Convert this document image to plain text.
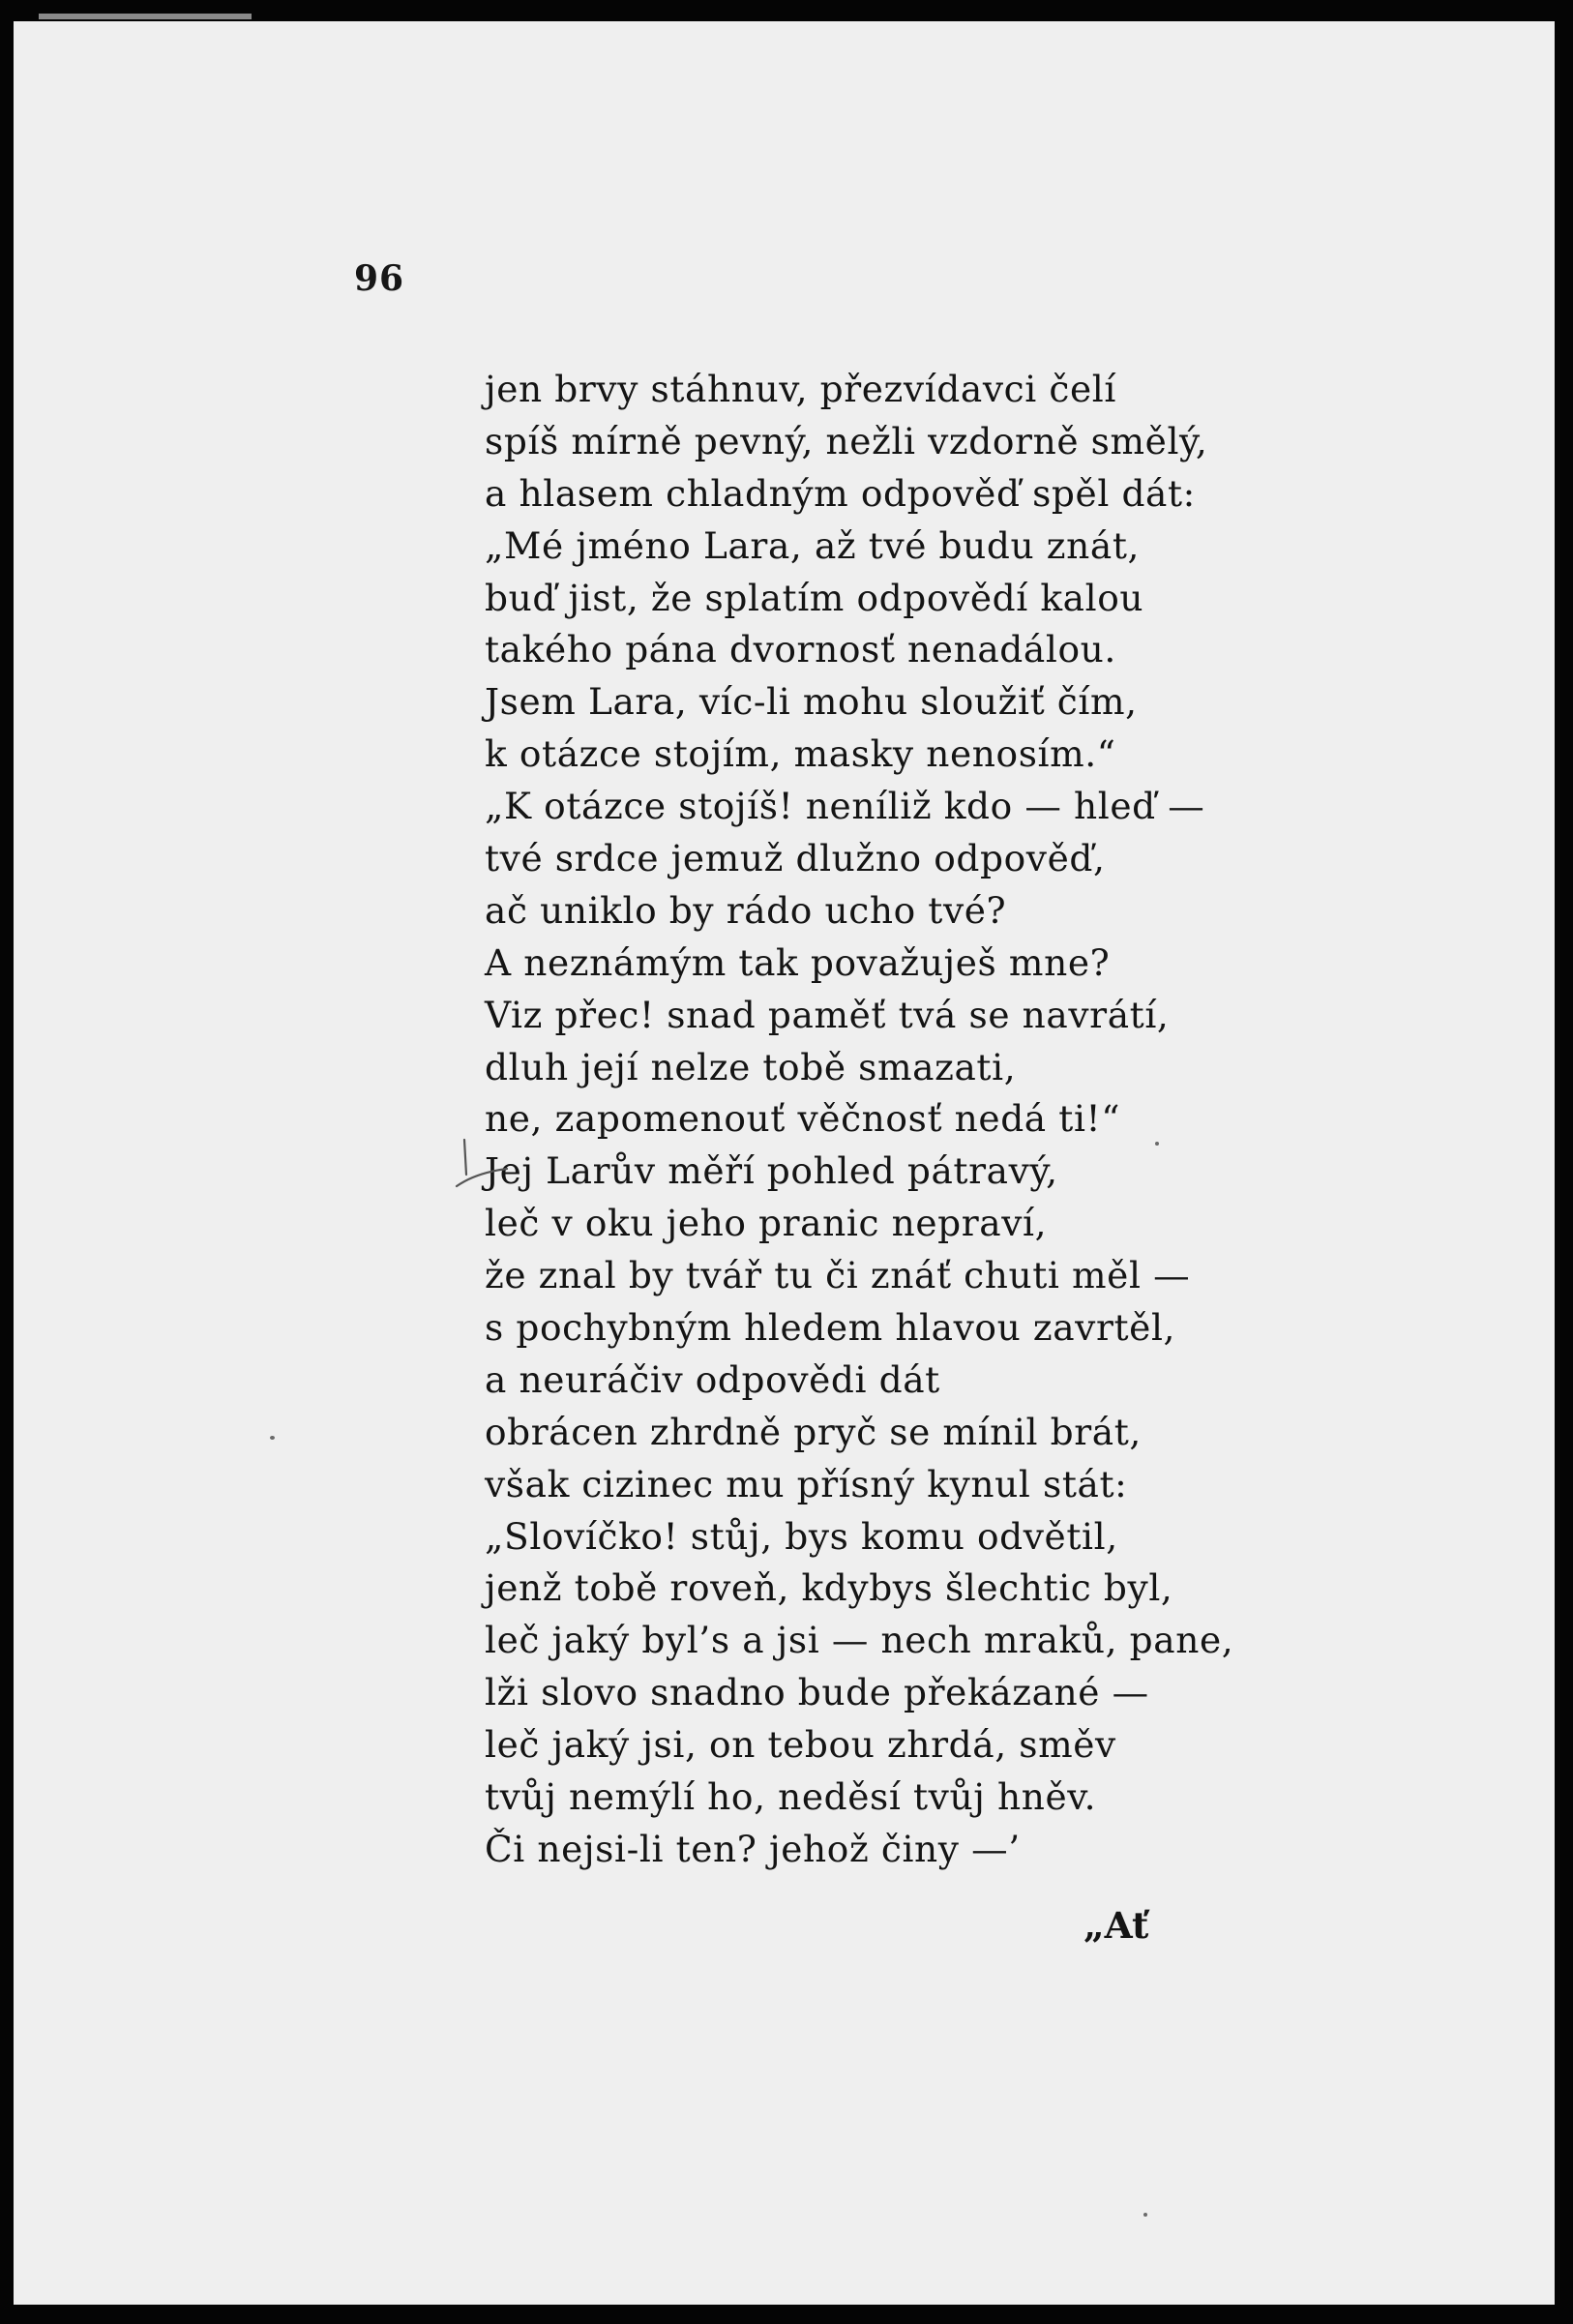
96
jen brvy stáhnuv, přezvídavci čelí
spíš mírně pevný, nežli vzdorně smělý,
a hlasem chladným odpověď spěl dát:
„Mé jméno Lara, až tvé budu znát,
buď jist, že splatím odpovědí kalou
takého pána dvornosť nenadálou.
Jsem Lara, víc-li mohu sloužiť čím,
k otázce stojím, masky nenosím.“
„K otázce stojíš! neníliž kdo — hleď —
tvé srdce jemuž dlužno odpověď,
ač uniklo by rádo ucho tvé?
A neznámým tak považuješ mne?
Viz přec! snad paměť tvá se navrátí,
dluh její nelze tobě smazati,
ne, zapomenouť věčnosť nedá ti!“
Jej Larův měří pohled pátravý,
leč v oku jeho pranic nepraví,
že znal by tvář tu či znáť chuti měl —
s pochybným hledem hlavou zavrtěl,
a neuráčiv odpovědi dát
obrácen zhrdně pryč se mínil brát,
však cizinec mu přísný kynul stát:
„Slovíčko! stůj, bys komu odvětil,
jenž tobě roveň, kdybys šlechtic byl,
leč jaký byl’s a jsi — nech mraků, pane,
lži slovo snadno bude překázané —
leč jaký jsi, on tebou zhrdá, směv
tvůj nemýlí ho, neděsí tvůj hněv.
Či nejsi-li ten? jehož činy —’
„Ať
